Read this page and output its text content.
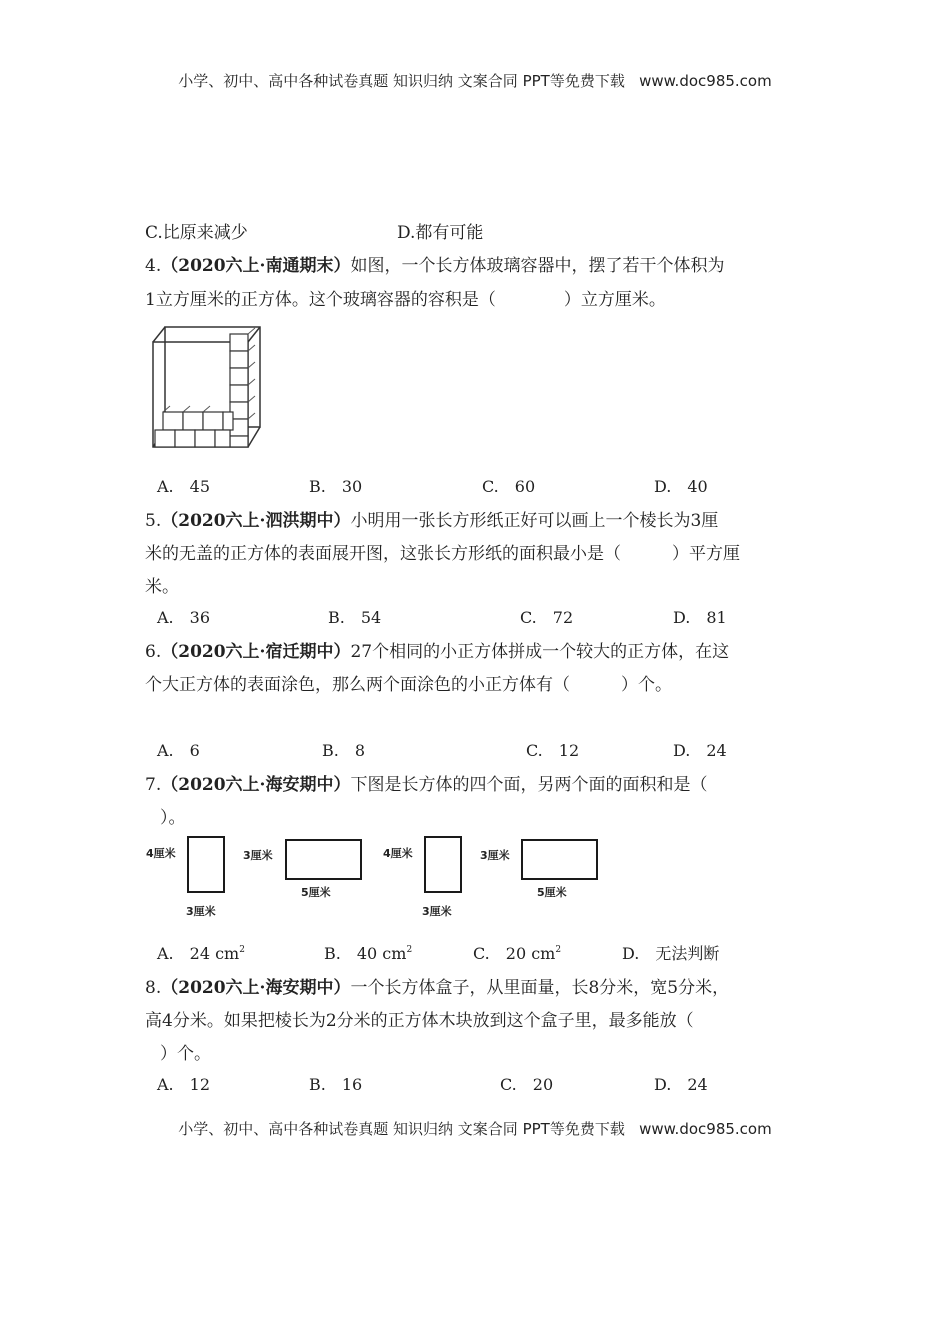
小学、初中、高中各种试卷真题 知识归纳 文案合同 PPT等免费下载   www.doc985.com
小学、初中、高中各种试卷真题 知识归纳 文案合同 PPT等免费下载   www.doc985.com
C.比原来减少	D.都有可能
4.（2020六上·南通期末）如图，一个长方体玻璃容器中，摆了若干个体积为
1立方厘米的正方体。这个玻璃容器的容积是（　　　　）立方厘米。
A.　45	B.　30	C.　60	D.　40
5.（2020六上·泗洪期中）小明用一张长方形纸正好可以画上一个棱长为3厘
米的无盖的正方体的表面展开图，这张长方形纸的面积最小是（　　　）平方厘
米。
A.　36	B.　54	C.　72	D.　81
6.（2020六上·宿迁期中）27个相同的小正方体拼成一个较大的正方体，在这
个大正方体的表面涂色，那么两个面涂色的小正方体有（　　　）个。
A.　6	B.　8	C.　12	D.　24
7.（2020六上·海安期中）下图是长方体的四个面，另两个面的面积和是（
）。
4厘米
3厘米
3厘米
5厘米
4厘米
3厘米
3厘米
5厘米
A.　24 $cm^2$	B.　40 $cm^2$	C.　20 $cm^2$	D.　无法判断
8.（2020六上·海安期中）一个长方体盒子，从里面量，长8分米，宽5分米，
高4分米。如果把棱长为2分米的正方体木块放到这个盒子里，最多能放（
）个。
A.　12	B.　16	C.　20	D.　24
